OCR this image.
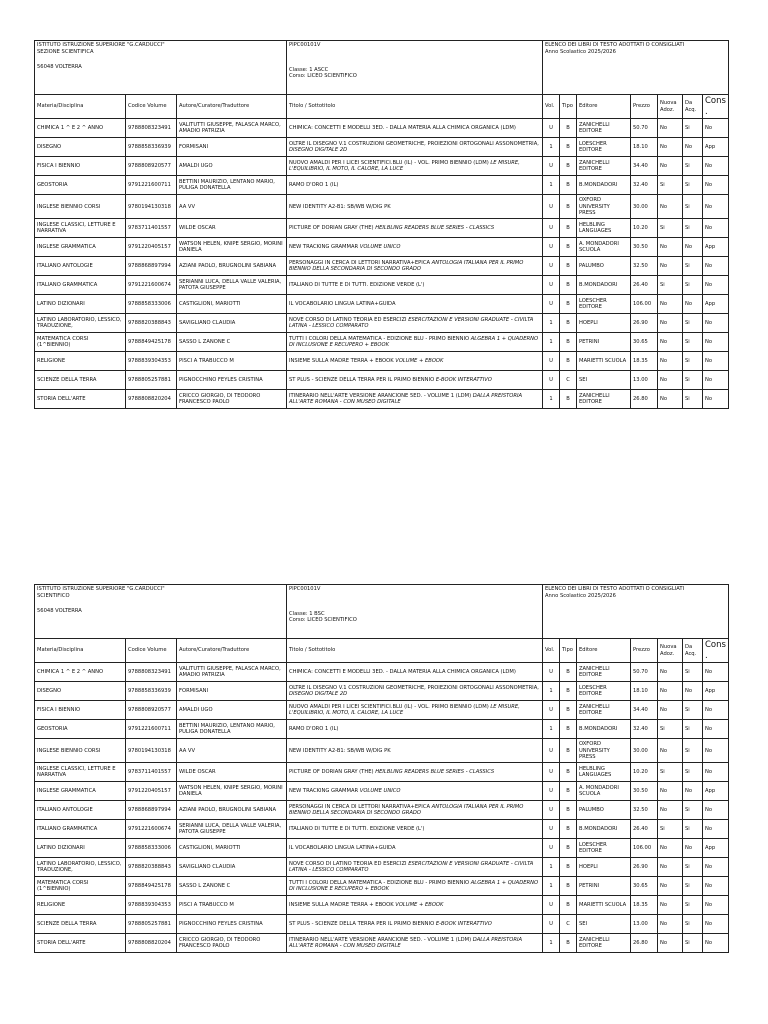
ISTITUTO ISTRUZIONE SUPERIORE "G.CARDUCCI"
SEZIONE SCIENTIFICA
56048 VOLTERRA			PIPC00101V
Classe: 1 ASCC
Corso: LICEO SCIENTIFICO	ELENCO DEI LIBRI DI TESTO ADOTTATI O CONSIGLIATI
Anno Scolastico 2025/2026						

Materia/Disciplina	Codice Volume	Autore/Curatore/Traduttore	Titolo / Sottotitolo	Vol.	Tipo	Editore	Prezzo	Nuova Adoz.	Da Acq.	Cons.
CHIMICA 1 ^ E 2 ^ ANNO	9788808323491	VALITUTTI GIUSEPPE, FALASCA MARCO, AMADIO PATRIZIA	CHIMICA: CONCETTI E MODELLI 3ED. - DALLA MATERIA ALLA CHIMICA ORGANICA (LDM)	U	B	ZANICHELLI EDITORE	50.70	No	Si	No
DISEGNO	9788858336939	FORMISANI	OLTRE IL DISEGNO V.1 COSTRUZIONI GEOMETRICHE, PROIEZIONI ORTOGONALI ASSONOMETRIA, DISEGNO DIGITALE 2D	1	B	LOESCHER EDITORE	18.10	No	No	App
FISICA I BIENNIO	9788808920577	AMALDI UGO	NUOVO AMALDI PER I LICEI SCIENTIFICI.BLU (IL) - VOL. PRIMO BIENNIO (LDM) LE MISURE, L'EQUILIBRIO, IL MOTO, IL CALORE, LA LUCE	U	B	ZANICHELLI EDITORE	34.40	No	Si	No
GEOSTORIA	9791221600711	BETTINI MAURIZIO, LENTANO MARIO, PULIGA DONATELLA	RAMO D'ORO 1 (IL)	1	B	B.MONDADORI	32.40	Si	Si	No
INGLESE BIENNIO CORSI	9780194130318	AA VV	NEW IDENTITY A2-B1: SB/WB W/DIG PK	U	B	OXFORD UNIVERSITY PRESS	30.00	No	Si	No
INGLESE CLASSICI, LETTURE E NARRATIVA	9783711401557	WILDE OSCAR	PICTURE OF DORIAN GRAY (THE) HEILBLING READERS BLUE SERIES - CLASSICS	U	B	HELBLING LANGUAGES	10.20	Si	Si	No
INGLESE GRAMMATICA	9791220405157	WATSON HELEN, KNIPE SERGIO, MORINI DANIELA	NEW TRACKING GRAMMAR VOLUME UNICO	U	B	A. MONDADORI SCUOLA	30.50	No	No	App
ITALIANO ANTOLOGIE	9788868897994	AZIANI PAOLO, BRUGNOLINI SABIANA	PERSONAGGI IN CERCA DI LETTORI NARRATIVA+EPICA ANTOLOGIA ITALIANA PER IL PRIMO BIENNIO DELLA SECONDARIA DI SECONDO GRADO	U	B	PALUMBO	32.50	No	Si	No
ITALIANO GRAMMATICA	9791221600674	SERIANNI LUCA, DELLA VALLE VALERIA, PATOTA GIUSEPPE	ITALIANO DI TUTTE E DI TUTTI. EDIZIONE VERDE (L')	U	B	B.MONDADORI	26.40	Si	Si	No
LATINO DIZIONARI	9788858333006	CASTIGLIONI, MARIOTTI	IL VOCABOLARIO LINGUA LATINA+GUIDA	U	B	LOESCHER EDITORE	106.00	No	No	App
LATINO LABORATORIO, LESSICO, TRADUZIONE,	9788820388843	SAVIGLIANO CLAUDIA	NOVE CORSO DI LATINO TEORIA ED ESERCIZI ESERCITAZIONI E VERSIONI GRADUATE - CIVILTA LATINA - LESSICO COMPARATO	1	B	HOEPLI	26.90	No	Si	No
MATEMATICA CORSI (1^BIENNIO)	9788849425178	SASSO L ZANONE C	TUTTI I COLORI DELLA MATEMATICA - EDIZIONE BLU - PRIMO BIENNIO ALGEBRA 1 + QUADERNO DI INCLUSIONE E RECUPERO + EBOOK	1	B	PETRINI	30.65	No	Si	No
RELIGIONE	9788839304353	PISCI A TRABUCCO M	INSIEME SULLA MADRE TERRA + EBOOK VOLUME + EBOOK	U	B	MARIETTI SCUOLA	18.35	No	Si	No
SCIENZE DELLA TERRA	9788805257881	PIGNOCCHINO FEYLES CRISTINA	ST PLUS - SCIENZE DELLA TERRA PER IL PRIMO BIENNIO E-BOOK INTERATTIVO	U	C	SEI	13.00	No	Si	No
STORIA DELL'ARTE	9788808820204	CRICCO GIORGIO, DI TEODORO FRANCESCO PAOLO	ITINERARIO NELL'ARTE VERSIONE ARANCIONE 5ED. - VOLUME 1 (LDM) DALLA PREISTORIA ALL'ARTE ROMANA - CON MUSEO DIGITALE	1	B	ZANICHELLI EDITORE	26.80	No	Si	No
ISTITUTO ISTRUZIONE SUPERIORE "G.CARDUCCI"
SCIENTIFICO
56048 VOLTERRA			PIPC00101V
Classe: 1 BSC
Corso: LICEO SCIENTIFICO	ELENCO DEI LIBRI DI TESTO ADOTTATI O CONSIGLIATI
Anno Scolastico 2025/2026						

Materia/Disciplina	Codice Volume	Autore/Curatore/Traduttore	Titolo / Sottotitolo	Vol.	Tipo	Editore	Prezzo	Nuova Adoz.	Da Acq.	Cons.
CHIMICA 1 ^ E 2 ^ ANNO	9788808323491	VALITUTTI GIUSEPPE, FALASCA MARCO, AMADIO PATRIZIA	CHIMICA: CONCETTI E MODELLI 3ED. - DALLA MATERIA ALLA CHIMICA ORGANICA (LDM)	U	B	ZANICHELLI EDITORE	50.70	No	Si	No
DISEGNO	9788858336939	FORMISANI	OLTRE IL DISEGNO V.1 COSTRUZIONI GEOMETRICHE, PROIEZIONI ORTOGONALI ASSONOMETRIA, DISEGNO DIGITALE 2D	1	B	LOESCHER EDITORE	18.10	No	No	App
FISICA I BIENNIO	9788808920577	AMALDI UGO	NUOVO AMALDI PER I LICEI SCIENTIFICI.BLU (IL) - VOL. PRIMO BIENNIO (LDM) LE MISURE, L'EQUILIBRIO, IL MOTO, IL CALORE, LA LUCE	U	B	ZANICHELLI EDITORE	34.40	No	Si	No
GEOSTORIA	9791221600711	BETTINI MAURIZIO, LENTANO MARIO, PULIGA DONATELLA	RAMO D'ORO 1 (IL)	1	B	B.MONDADORI	32.40	Si	Si	No
INGLESE BIENNIO CORSI	9780194130318	AA VV	NEW IDENTITY A2-B1: SB/WB W/DIG PK	U	B	OXFORD UNIVERSITY PRESS	30.00	No	Si	No
INGLESE CLASSICI, LETTURE E NARRATIVA	9783711401557	WILDE OSCAR	PICTURE OF DORIAN GRAY (THE) HEILBLING READERS BLUE SERIES - CLASSICS	U	B	HELBLING LANGUAGES	10.20	Si	Si	No
INGLESE GRAMMATICA	9791220405157	WATSON HELEN, KNIPE SERGIO, MORINI DANIELA	NEW TRACKING GRAMMAR VOLUME UNICO	U	B	A. MONDADORI SCUOLA	30.50	No	No	App
ITALIANO ANTOLOGIE	9788868897994	AZIANI PAOLO, BRUGNOLINI SABIANA	PERSONAGGI IN CERCA DI LETTORI NARRATIVA+EPICA ANTOLOGIA ITALIANA PER IL PRIMO BIENNIO DELLA SECONDARIA DI SECONDO GRADO	U	B	PALUMBO	32.50	No	Si	No
ITALIANO GRAMMATICA	9791221600674	SERIANNI LUCA, DELLA VALLE VALERIA, PATOTA GIUSEPPE	ITALIANO DI TUTTE E DI TUTTI. EDIZIONE VERDE (L')	U	B	B.MONDADORI	26.40	Si	Si	No
LATINO DIZIONARI	9788858333006	CASTIGLIONI, MARIOTTI	IL VOCABOLARIO LINGUA LATINA+GUIDA	U	B	LOESCHER EDITORE	106.00	No	No	App
LATINO LABORATORIO, LESSICO, TRADUZIONE,	9788820388843	SAVIGLIANO CLAUDIA	NOVE CORSO DI LATINO TEORIA ED ESERCIZI ESERCITAZIONI E VERSIONI GRADUATE - CIVILTA LATINA - LESSICO COMPARATO	1	B	HOEPLI	26.90	No	Si	No
MATEMATICA CORSI (1^BIENNIO)	9788849425178	SASSO L ZANONE C	TUTTI I COLORI DELLA MATEMATICA - EDIZIONE BLU - PRIMO BIENNIO ALGEBRA 1 + QUADERNO DI INCLUSIONE E RECUPERO + EBOOK	1	B	PETRINI	30.65	No	Si	No
RELIGIONE	9788839304353	PISCI A TRABUCCO M	INSIEME SULLA MADRE TERRA + EBOOK VOLUME + EBOOK	U	B	MARIETTI SCUOLA	18.35	No	Si	No
SCIENZE DELLA TERRA	9788805257881	PIGNOCCHINO FEYLES CRISTINA	ST PLUS - SCIENZE DELLA TERRA PER IL PRIMO BIENNIO E-BOOK INTERATTIVO	U	C	SEI	13.00	No	Si	No
STORIA DELL'ARTE	9788808820204	CRICCO GIORGIO, DI TEODORO FRANCESCO PAOLO	ITINERARIO NELL'ARTE VERSIONE ARANCIONE 5ED. - VOLUME 1 (LDM) DALLA PREISTORIA ALL'ARTE ROMANA - CON MUSEO DIGITALE	1	B	ZANICHELLI EDITORE	26.80	No	Si	No
